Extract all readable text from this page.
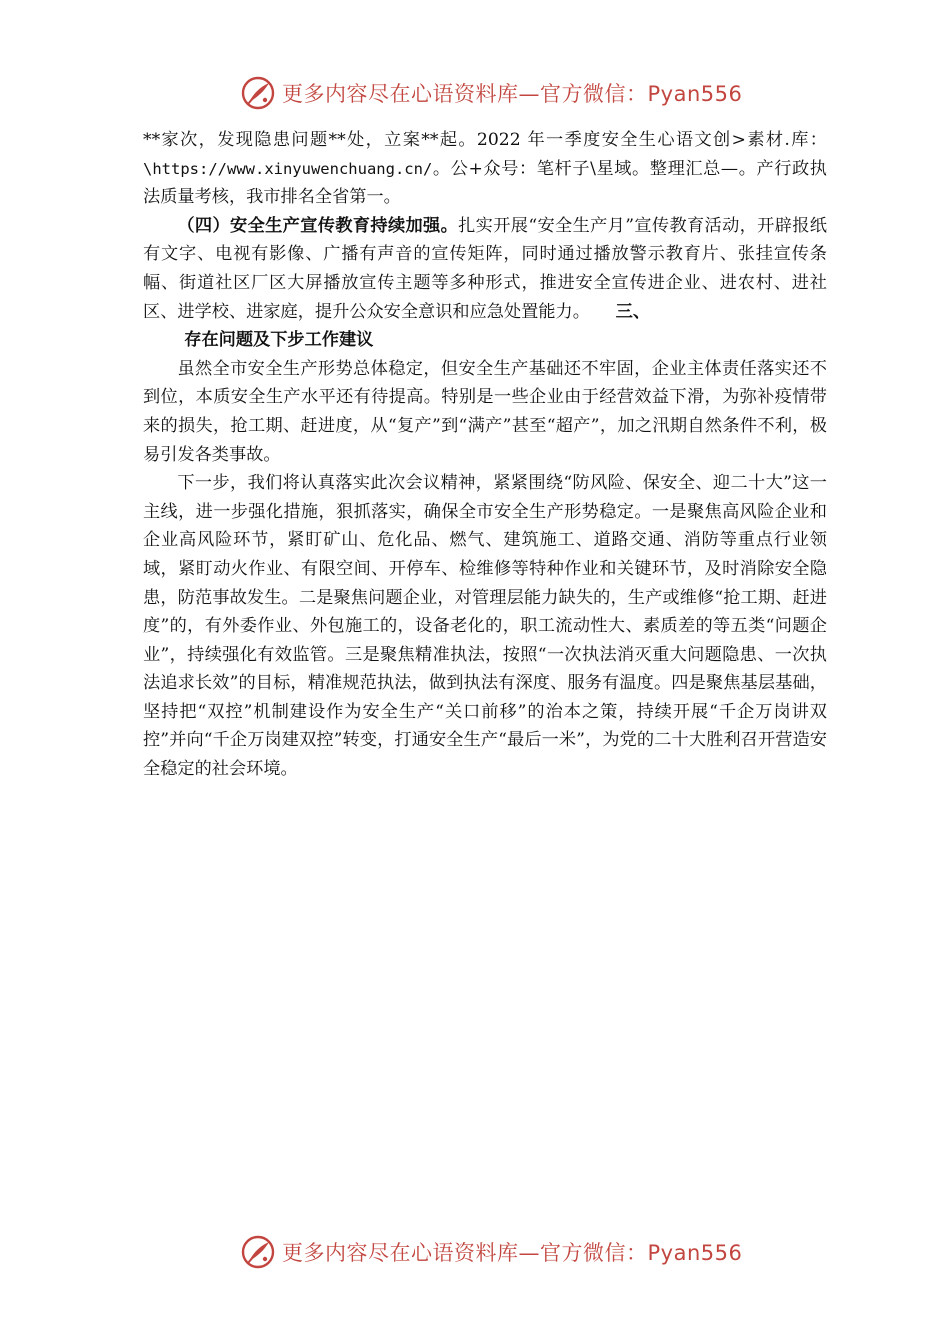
更多内容尽在心语资料库—官方微信：Pyan556

**家次，发现隐患问题**处，立案**起。2022 年一季度安全生心语文创>素材.库：\https://www.xinyuwenchuang.cn/。公+众号：笔杆子\星域。整理汇总—。产行政执法质量考核，我市排名全省第一。

（四）安全生产宣传教育持续加强。扎实开展“安全生产月”宣传教育活动，开辟报纸有文字、电视有影像、广播有声音的宣传矩阵，同时通过播放警示教育片、张挂宣传条幅、街道社区厂区大屏播放宣传主题等多种形式，推进安全宣传进企业、进农村、进社区、进学校、进家庭，提升公众安全意识和应急处置能力。　　 三、

存在问题及下步工作建议

虽然全市安全生产形势总体稳定，但安全生产基础还不牢固，企业主体责任落实还不到位，本质安全生产水平还有待提高。特别是一些企业由于经营效益下滑，为弥补疫情带来的损失，抢工期、赶进度，从“复产”到“满产”甚至“超产”，加之汛期自然条件不利，极易引发各类事故。

下一步，我们将认真落实此次会议精神，紧紧围绕“防风险、保安全、迎二十大”这一主线，进一步强化措施，狠抓落实，确保全市安全生产形势稳定。一是聚焦高风险企业和企业高风险环节，紧盯矿山、危化品、燃气、建筑施工、道路交通、消防等重点行业领域，紧盯动火作业、有限空间、开停车、检维修等特种作业和关键环节，及时消除安全隐患，防范事故发生。二是聚焦问题企业，对管理层能力缺失的，生产或维修“抢工期、赶进度”的，有外委作业、外包施工的，设备老化的，职工流动性大、素质差的等五类“问题企业”，持续强化有效监管。三是聚焦精准执法，按照“一次执法消灭重大问题隐患、一次执法追求长效”的目标，精准规范执法，做到执法有深度、服务有温度。四是聚焦基层基础， 坚持把“双控”机制建设作为安全生产“关口前移”的治本之策，持续开展“千企万岗讲双控”并向“千企万岗建双控”转变，打通安全生产“最后一米”，为党的二十大胜利召开营造安全稳定的社会环境。

更多内容尽在心语资料库—官方微信：Pyan556
